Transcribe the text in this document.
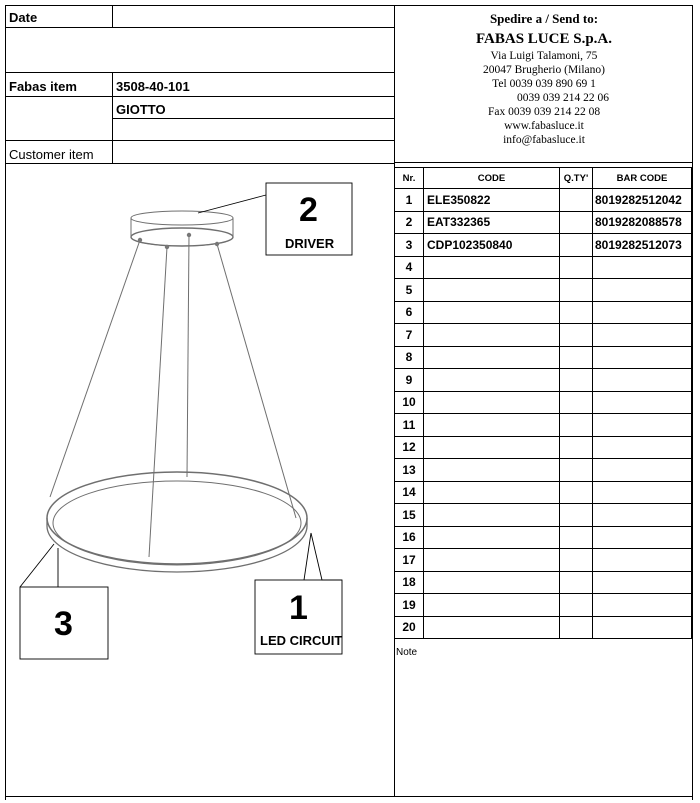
Date
Fabas item	3508-40-101
GIOTTO
Customer item
Spedire a / Send to:
FABAS LUCE S.p.A.
Via Luigi Talamoni, 75
20047 Brugherio (Milano)
Tel 0039 039 890 69 1
0039 039 214 22 06
Fax 0039 039 214 22 08
www.fabasluce.it
info@fabasluce.it
Nr.	CODE	Q.TY'	BAR CODE
1	ELE350822		8019282512042
2	EAT332365		8019282088578
3	CDP102350840		8019282512073
4			
5			
6			
7			
8			
9			
10			
11			
12			
13			
14			
15			
16			
17			
18			
19			
20			
Note
2
DRIVER
1
LED CIRCUIT
3
